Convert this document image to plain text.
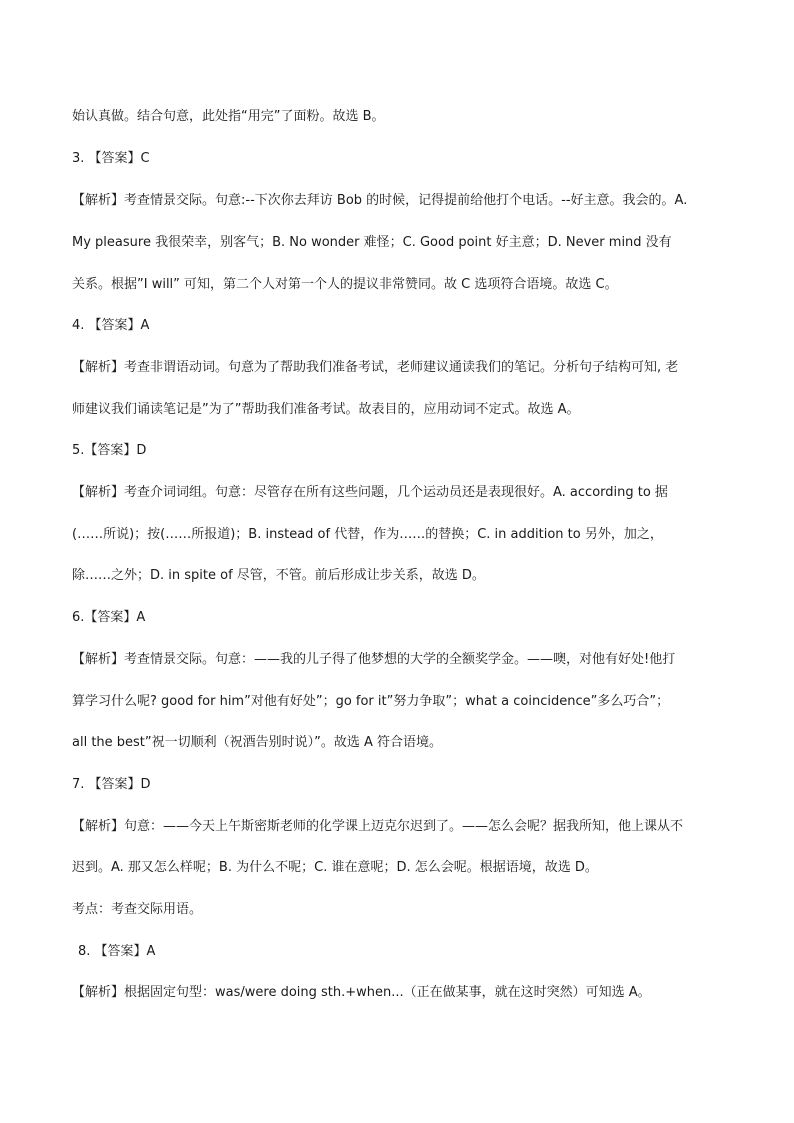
始认真做。结合句意，此处指“用完”了面粉。故选 B。
3. 【答案】C
【解析】考查情景交际。句意:--下次你去拜访 Bob 的时候，记得提前给他打个电话。--好主意。我会的。A.
My pleasure 我很荣幸，别客气；B. No wonder 难怪；C. Good point 好主意；D. Never mind 没有
关系。根据”I will” 可知，第二个人对第一个人的提议非常赞同。故 C 选项符合语境。故选 C。
4. 【答案】A
【解析】考查非谓语动词。句意为了帮助我们准备考试，老师建议通读我们的笔记。分析句子结构可知, 老
师建议我们诵读笔记是”为了”帮助我们准备考试。故表目的，应用动词不定式。故选 A。
5.【答案】D
【解析】考查介词词组。句意：尽管存在所有这些问题，几个运动员还是表现很好。A. according to 据
(……所说)；按(……所报道)；B. instead of 代替，作为……的替换；C. in addition to 另外，加之，
除……之外；D. in spite of 尽管，不管。前后形成让步关系，故选 D。
6.【答案】A
【解析】考查情景交际。句意：——我的儿子得了他梦想的大学的全额奖学金。——噢，对他有好处!他打
算学习什么呢? good for him”对他有好处”；go for it”努力争取”；what a coincidence”多么巧合”；
all the best”祝一切顺利（祝酒告别时说）”。故选 A 符合语境。
7. 【答案】D
【解析】句意：——今天上午斯密斯老师的化学课上迈克尔迟到了。——怎么会呢？据我所知，他上课从不
迟到。A. 那又怎么样呢；B. 为什么不呢；C. 谁在意呢；D. 怎么会呢。根据语境，故选 D。
考点：考查交际用语。
8. 【答案】A
【解析】根据固定句型：was/were doing sth.+when...（正在做某事，就在这时突然）可知选 A。
